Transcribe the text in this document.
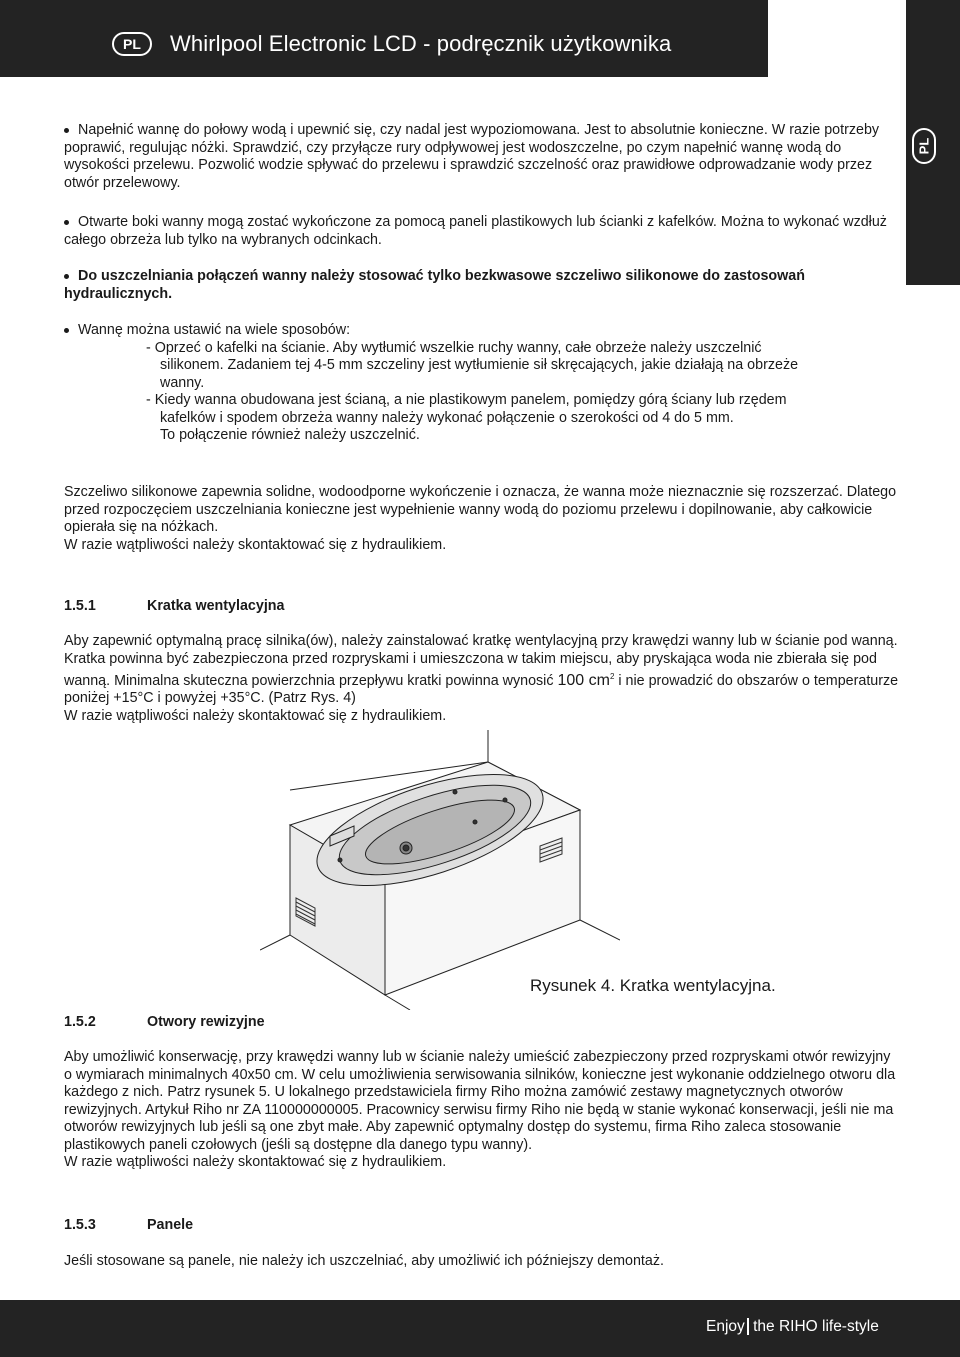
PL	Whirlpool Electronic LCD - podręcznik użytkownika
PL
Napełnić wannę do połowy wodą i upewnić się, czy nadal jest wypoziomowana. Jest to absolutnie konieczne. W razie potrzeby poprawić, regulując nóżki. Sprawdzić, czy przyłącze rury odpływowej jest wodoszczelne, po czym napełnić wannę wodą do wysokości przelewu. Pozwolić wodzie spływać do przelewu i sprawdzić szczelność oraz prawidłowe odprowadzanie wody przez otwór przelewowy.
Otwarte boki wanny mogą zostać wykończone za pomocą paneli plastikowych lub ścianki z kafelków. Można to wykonać wzdłuż całego obrzeża lub tylko na wybranych odcinkach.
Do uszczelniania połączeń wanny należy stosować tylko bezkwasowe szczeliwo silikonowe do zastosowań hydraulicznych.

Wannę można ustawić na wiele sposobów:

- Oprzeć o kafelki na ścianie. Aby wytłumić wszelkie ruchy wanny, całe obrzeże należy uszczelnić

silikonem. Zadaniem tej 4-5 mm szczeliny jest wytłumienie sił skręcających, jakie działają na obrzeże

wanny.

- Kiedy wanna obudowana jest ścianą, a nie plastikowym panelem, pomiędzy górą ściany lub rzędem

kafelków i spodem obrzeża wanny należy wykonać połączenie o szerokości od 4 do 5 mm.

To połączenie również należy uszczelnić.

Szczeliwo silikonowe zapewnia solidne, wodoodporne wykończenie i oznacza, że wanna może nieznacznie się rozszerzać. Dlatego przed rozpoczęciem uszczelniania konieczne jest wypełnienie wanny wodą do poziomu przelewu i dopilnowanie, aby całkowicie opierała się na nóżkach.

W razie wątpliwości należy skontaktować się z hydraulikiem.

1.5.1	Kratka wentylacyjna

Aby zapewnić optymalną pracę silnika(ów), należy zainstalować kratkę wentylacyjną przy krawędzi wanny lub w ścianie pod wanną. Kratka powinna być zabezpieczona przed rozpryskami i umieszczona w takim miejscu, aby pryskająca woda nie zbierała się pod wanną. Minimalna skuteczna powierzchnia przepływu kratki powinna wynosić 100 $cm^2$ i nie prowadzić do obszarów o temperaturze poniżej +15°C i powyżej +35°C. (Patrz Rys. 4)

W razie wątpliwości należy skontaktować się z hydraulikiem.

Rysunek 4. Kratka wentylacyjna.
1.5.2	Otwory rewizyjne

Aby umożliwić konserwację, przy krawędzi wanny lub w ścianie należy umieścić zabezpieczony przed rozpryskami otwór rewizyjny o wymiarach minimalnych 40x50 cm. W celu umożliwienia serwisowania silników, konieczne jest wykonanie oddzielnego otworu dla każdego z nich. Patrz rysunek 5. U lokalnego przedstawiciela firmy Riho można zamówić zestawy magnetycznych otworów rewizyjnych. Artykuł Riho nr ZA 110000000005. Pracownicy serwisu firmy Riho nie będą w stanie wykonać konserwacji, jeśli nie ma otworów rewizyjnych lub jeśli są one zbyt małe. Aby zapewnić optymalny dostęp do systemu, firma Riho zaleca stosowanie plastikowych paneli czołowych (jeśli są dostępne dla danego typu wanny).

W razie wątpliwości należy skontaktować się z hydraulikiem.

1.5.3	Panele

Jeśli stosowane są panele, nie należy ich uszczelniać, aby umożliwić ich późniejszy demontaż.

Enjoy the RIHO life-style
